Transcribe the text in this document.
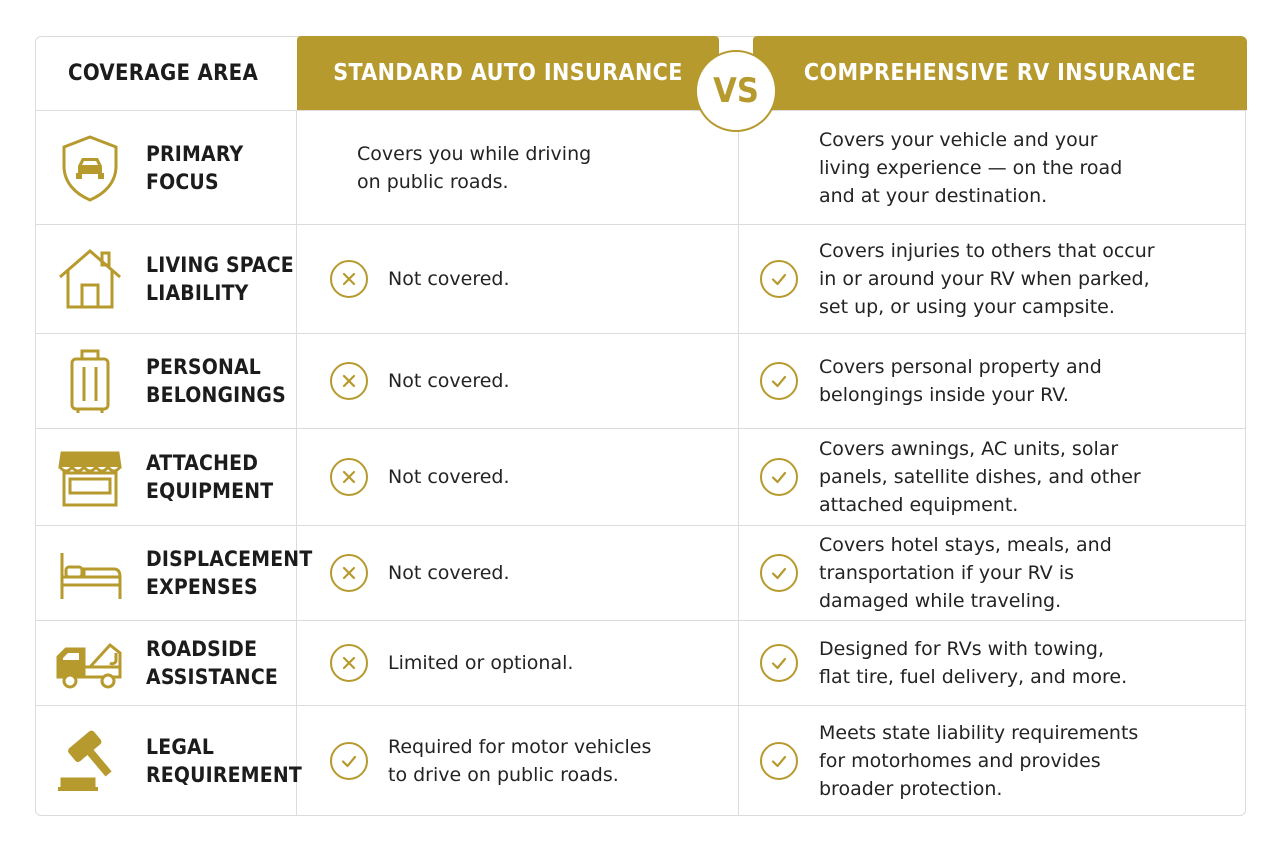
COVERAGE AREA	STANDARD AUTO INSURANCE	COMPREHENSIVE RV INSURANCE
VS
PRIMARY
FOCUS
Covers you while driving
on public roads.
Covers your vehicle and your
living experience — on the road
and at your destination.
LIVING SPACE
LIABILITY
Not covered.
Covers injuries to others that occur
in or around your RV when parked,
set up, or using your campsite.
PERSONAL
BELONGINGS
Not covered.
Covers personal property and
belongings inside your RV.
ATTACHED
EQUIPMENT
Not covered.
Covers awnings, AC units, solar
panels, satellite dishes, and other
attached equipment.
DISPLACEMENT
EXPENSES
Not covered.
Covers hotel stays, meals, and
transportation if your RV is
damaged while traveling.
ROADSIDE
ASSISTANCE
Limited or optional.
Designed for RVs with towing,
flat tire, fuel delivery, and more.
LEGAL
REQUIREMENT
Required for motor vehicles
to drive on public roads.
Meets state liability requirements
for motorhomes and provides
broader protection.
